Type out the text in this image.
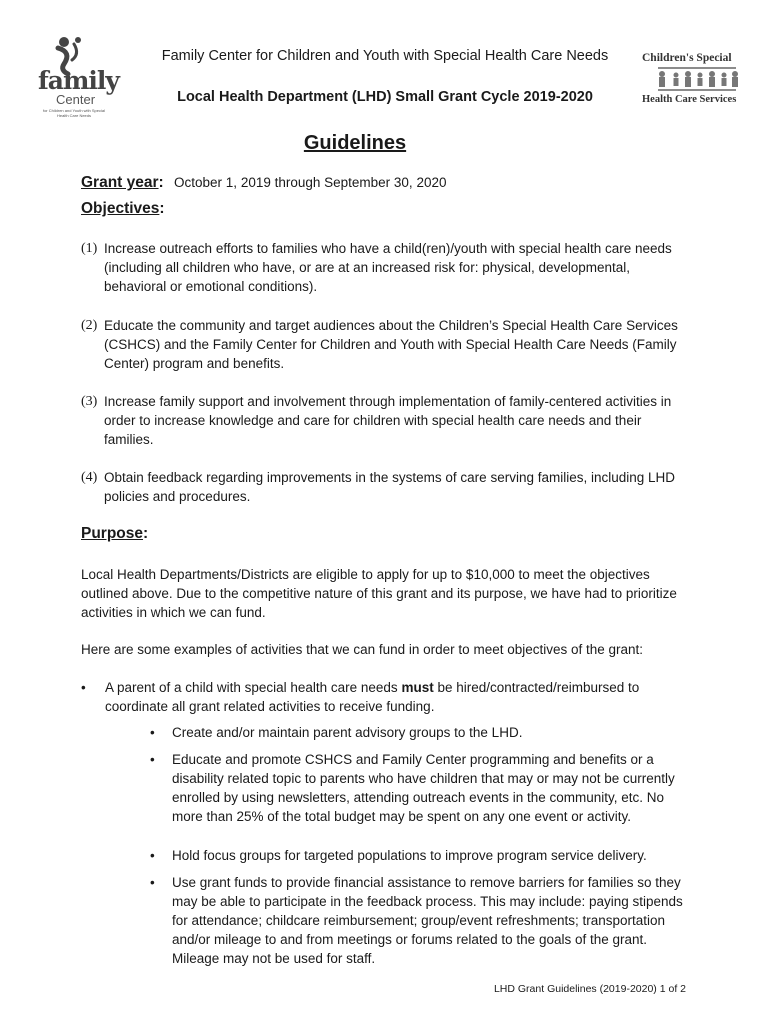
family
Center
for Children and Youth with Special Health Care Needs
Children's Special
Health Care Services
Family Center for Children and Youth with Special Health Care Needs
Local Health Department (LHD) Small Grant Cycle 2019-2020
Guidelines
Grant year: October 1, 2019 through September 30, 2020
Objectives:
(1) Increase outreach efforts to families who have a child(ren)/youth with special health care needs (including all children who have, or are at an increased risk for: physical, developmental, behavioral or emotional conditions).
(2) Educate the community and target audiences about the Children’s Special Health Care Services (CSHCS) and the Family Center for Children and Youth with Special Health Care Needs (Family Center) program and benefits.
(3) Increase family support and involvement through implementation of family-centered activities in order to increase knowledge and care for children with special health care needs and their families.
(4) Obtain feedback regarding improvements in the systems of care serving families, including LHD policies and procedures.
Purpose:
Local Health Departments/Districts are eligible to apply for up to $10,000 to meet the objectives outlined above. Due to the competitive nature of this grant and its purpose, we have had to prioritize activities in which we can fund.
Here are some examples of activities that we can fund in order to meet objectives of the grant:
• A parent of a child with special health care needs must be hired/contracted/reimbursed to coordinate all grant related activities to receive funding.
• Create and/or maintain parent advisory groups to the LHD.
• Educate and promote CSHCS and Family Center programming and benefits or a disability related topic to parents who have children that may or may not be currently enrolled by using newsletters, attending outreach events in the community, etc. No more than 25% of the total budget may be spent on any one event or activity.
• Hold focus groups for targeted populations to improve program service delivery.
• Use grant funds to provide financial assistance to remove barriers for families so they may be able to participate in the feedback process. This may include: paying stipends for attendance; childcare reimbursement; group/event refreshments; transportation and/or mileage to and from meetings or forums related to the goals of the grant. Mileage may not be used for staff.
LHD Grant Guidelines (2019-2020) 1 of 2
